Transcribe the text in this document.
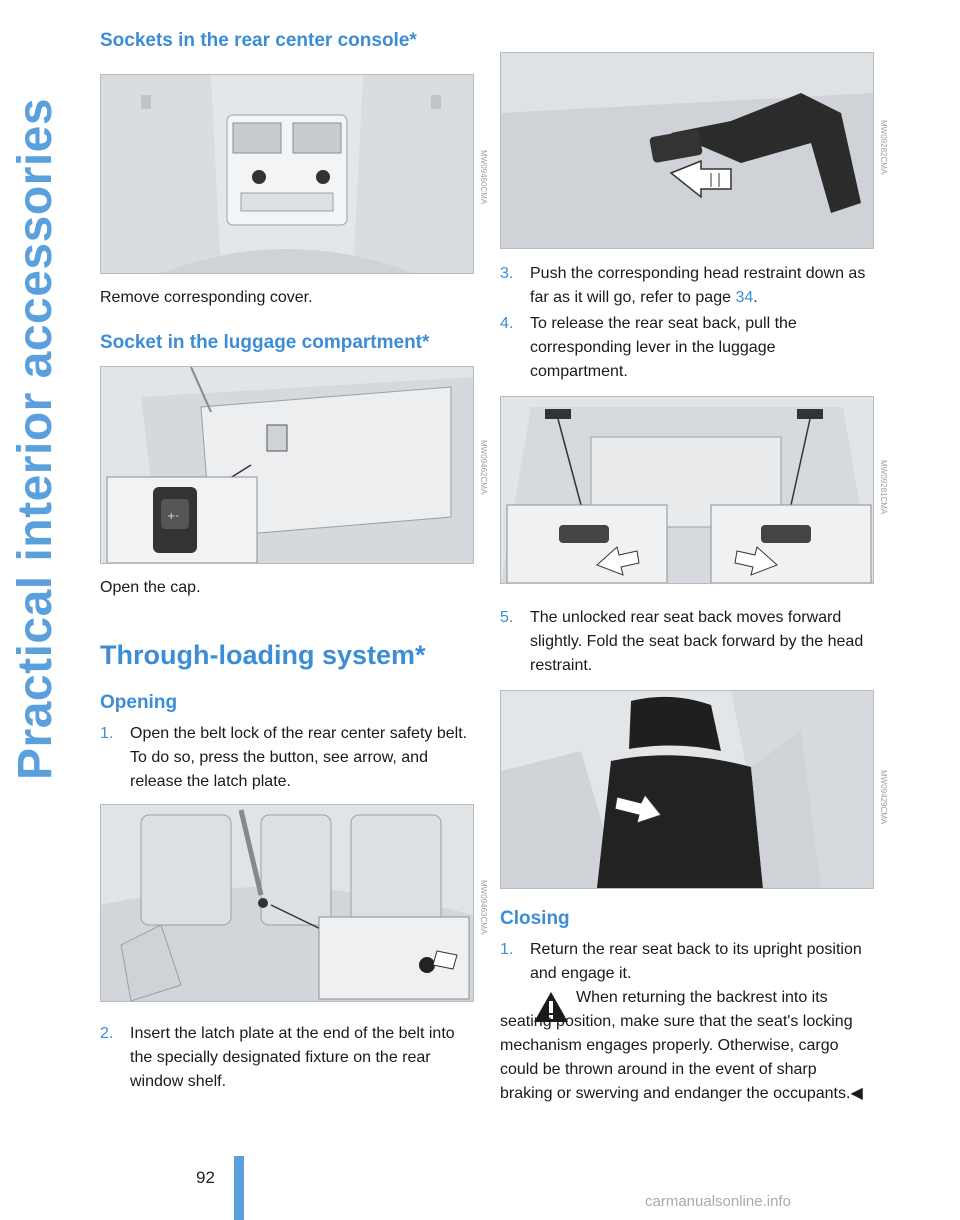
Practical interior accessories
Sockets in the rear center console*
MW09460CMA

Remove corresponding cover.

Socket in the luggage compartment*
+-
MW09462CMA

Open the cap.

Through-loading system*
Opening
1. Open the belt lock of the rear center safety belt. To do so, press the button, see arrow, and release the latch plate.
MW09463CMA
2. Insert the latch plate at the end of the belt into the specially designated fixture on the rear window shelf.
MW09282CMA
3. Push the corresponding head restraint down as far as it will go, refer to page 34.
4. To release the rear seat back, pull the corresponding lever in the luggage compartment.
MW09281CMA
5. The unlocked rear seat back moves forward slightly. Fold the seat back forward by the head restraint.
MW09429CMA
Closing
1. Return the rear seat back to its upright position and engage it.
When returning the backrest into its seating position, make sure that the seat's locking mechanism engages properly. Otherwise, cargo could be thrown around in the event of sharp braking or swerving and endanger the occupants.◀
92
carmanualsonline.info
